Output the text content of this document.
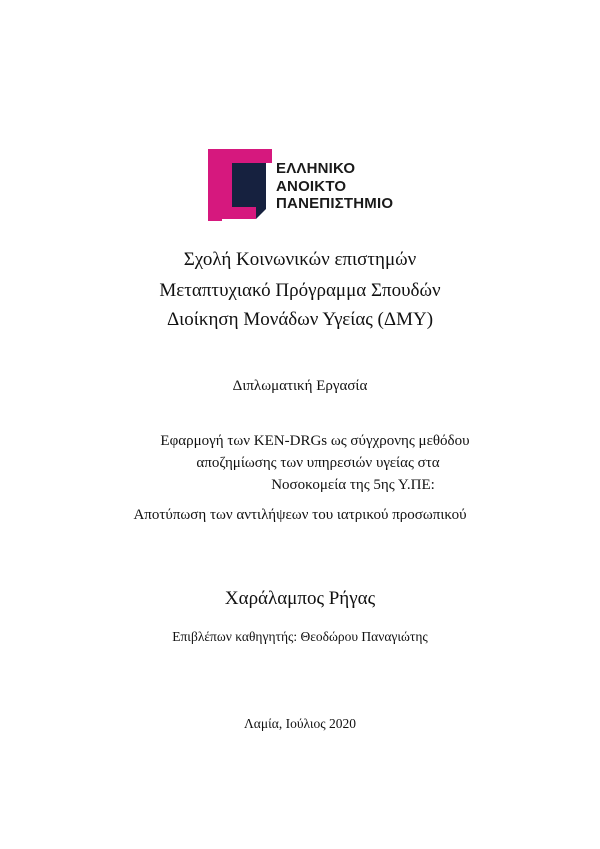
ΕΛΛΗΝΙΚΟ
ΑΝΟΙΚΤΟ
ΠΑΝΕΠΙΣΤΗΜΙΟ
Σχολή Κοινωνικών επιστημών
Μεταπτυχιακό Πρόγραμμα Σπουδών
Διοίκηση Μονάδων Υγείας (ΔΜΥ)
Διπλωματική Εργασία
Εφαρμογή των KEN-DRGs ως σύγχρονης μεθόδου
αποζημίωσης των υπηρεσιών υγείας στα
Νοσοκομεία της 5ης Υ.ΠΕ:
Αποτύπωση των αντιλήψεων του ιατρικού προσωπικού
Χαράλαμπος Ρήγας
Επιβλέπων καθηγητής: Θεοδώρου Παναγιώτης
Λαμία, Ιούλιος 2020
